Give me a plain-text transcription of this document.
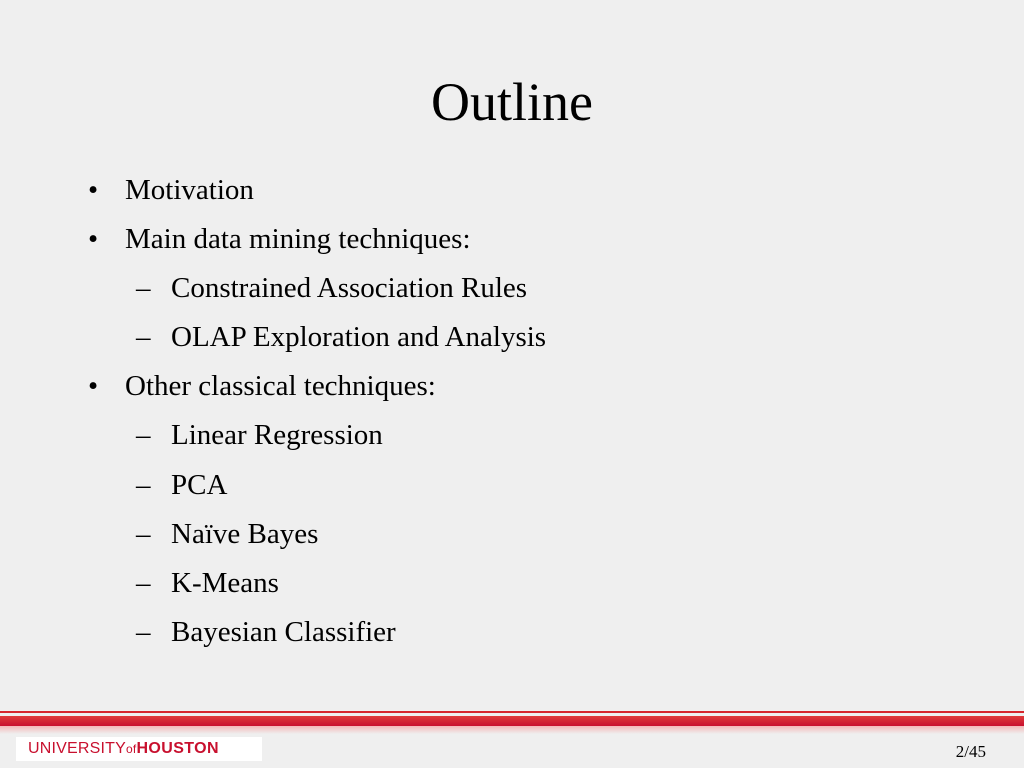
Outline
• Motivation
• Main data mining techniques:
– Constrained Association Rules
– OLAP Exploration and Analysis
• Other classical techniques:
– Linear Regression
– PCA
– Naïve Bayes
– K-Means
– Bayesian Classifier
UNIVERSITYofHOUSTON	2/45
